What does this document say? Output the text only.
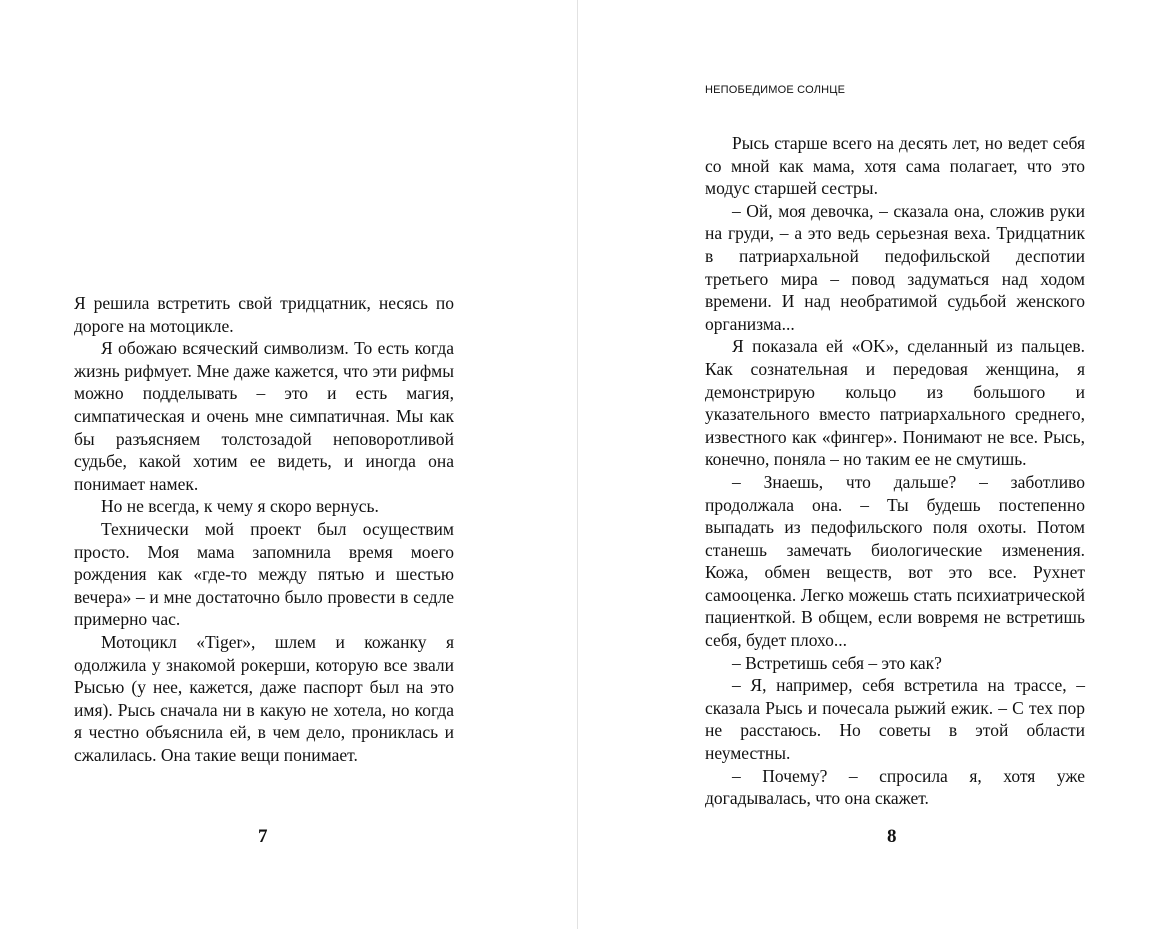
Я решила встретить свой тридцатник, несясь по дороге на мотоцикле.

Я обожаю всяческий символизм. То есть когда жизнь рифмует. Мне даже кажется, что эти рифмы можно подделывать – это и есть магия, симпатическая и очень мне симпатичная. Мы как бы разъясняем толстозадой неповоротливой судьбе, какой хотим ее видеть, и иногда она понимает намек.

Но не всегда, к чему я скоро вернусь.

Технически мой проект был осуществим просто. Моя мама запомнила время моего рождения как «где-то между пятью и шестью вечера» – и мне достаточно было провести в седле примерно час.

Мотоцикл «Tiger», шлем и кожанку я одолжила у знакомой рокерши, которую все звали Рысью (у нее, кажется, даже паспорт был на это имя). Рысь сначала ни в какую не хотела, но когда я честно объяснила ей, в чем дело, прониклась и сжалилась. Она такие вещи понимает.

7
НЕПОБЕДИМОЕ СОЛНЦЕ

Рысь старше всего на десять лет, но ведет себя со мной как мама, хотя сама полагает, что это модус старшей сестры.

– Ой, моя девочка, – сказала она, сложив руки на груди, – а это ведь серьезная веха. Тридцатник в патриархальной педофильской деспотии третьего мира – повод задуматься над ходом времени. И над необратимой судьбой женского организма...

Я показала ей «OK», сделанный из пальцев. Как сознательная и передовая женщина, я демонстрирую кольцо из большого и указательного вместо патриархального среднего, известного как «фингер». Понимают не все. Рысь, конечно, поняла – но таким ее не смутишь.

– Знаешь, что дальше? – заботливо продолжала она. – Ты будешь постепенно выпадать из педофильского поля охоты. Потом станешь замечать биологические изменения. Кожа, обмен веществ, вот это все. Рухнет самооценка. Легко можешь стать психиатрической пациенткой. В общем, если вовремя не встретишь себя, будет плохо...

– Встретишь себя – это как?

– Я, например, себя встретила на трассе, – сказала Рысь и почесала рыжий ежик. – С тех пор не расстаюсь. Но советы в этой области неуместны.

– Почему? – спросила я, хотя уже догадывалась, что она скажет.

8
